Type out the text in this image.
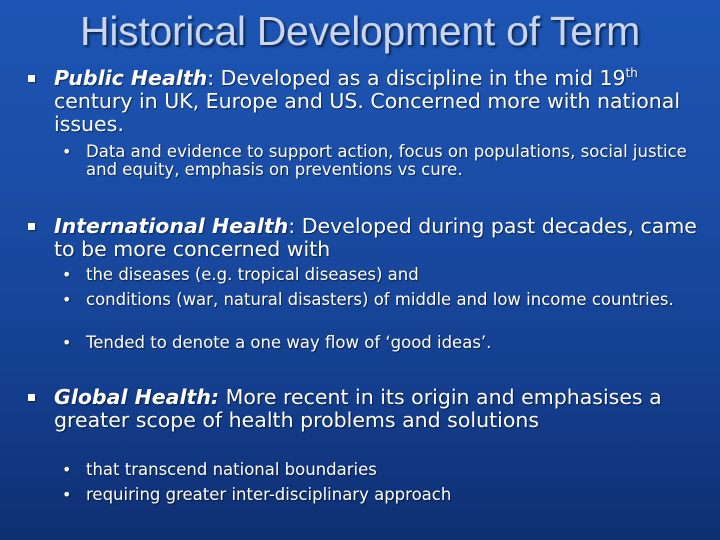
Historical Development of Term
Public Health: Developed as a discipline in the mid 19th century in UK, Europe and US. Concerned more with national issues.
• Data and evidence to support action, focus on populations, social justice and equity, emphasis on preventions vs cure.
International Health: Developed during past decades, came to be more concerned with
• the diseases (e.g. tropical diseases) and
• conditions (war, natural disasters) of middle and low income countries.
• Tended to denote a one way flow of ‘good ideas’.
Global Health: More recent in its origin and emphasises a greater scope of health problems and solutions
• that transcend national boundaries
• requiring greater inter-disciplinary approach
